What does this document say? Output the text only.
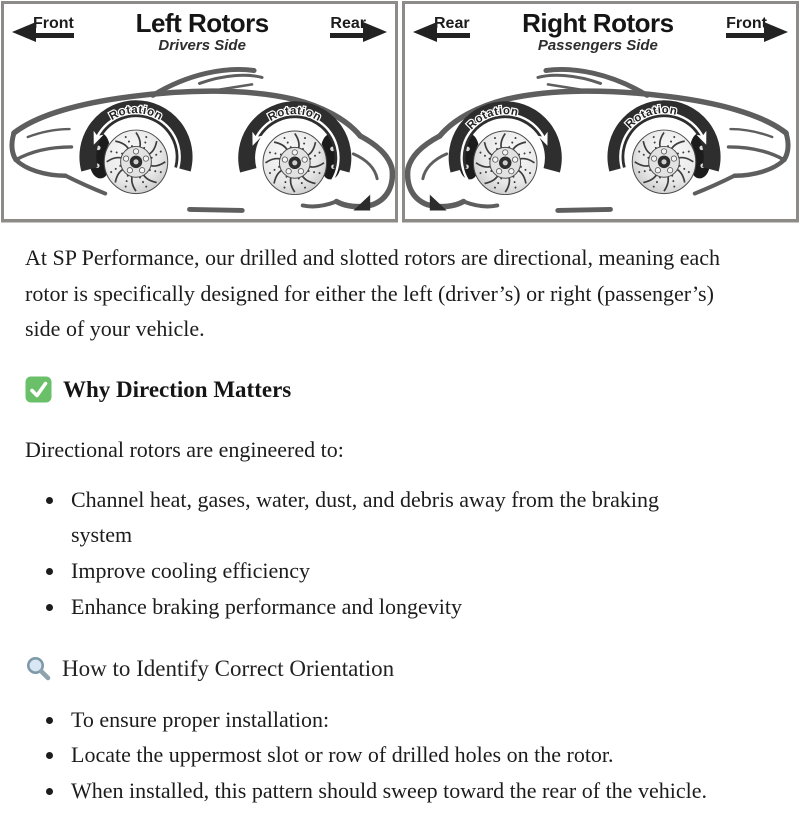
Front Left Rotors
Drivers Side
Rear
Rotation	Rotation
Rear Right Rotors
Passengers Side
Front
Rotation
Rotation

At SP Performance, our drilled and slotted rotors are directional, meaning each rotor is specifically designed for either the left (driver’s) or right (passenger’s) side of your vehicle.

Why Direction Matters

Directional rotors are engineered to:

• Channel heat, gases, water, dust, and debris away from the braking system
• Improve cooling efficiency
• Enhance braking performance and longevity
How to Identify Correct Orientation
• To ensure proper installation:
• Locate the uppermost slot or row of drilled holes on the rotor.
• When installed, this pattern should sweep toward the rear of the vehicle.
